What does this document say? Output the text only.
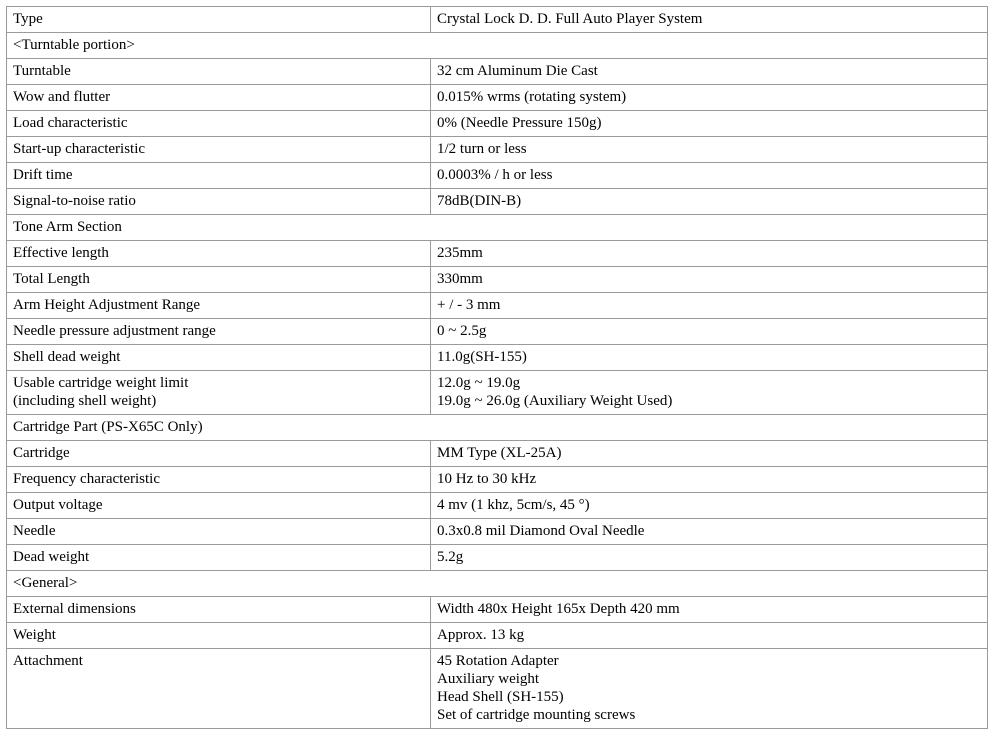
Type	Crystal Lock D. D. Full Auto Player System

<Turntable portion>	

Turntable	32 cm Aluminum Die Cast

Wow and flutter	0.015% wrms (rotating system)

Load characteristic	0% (Needle Pressure 150g)

Start-up characteristic	1/2 turn or less

Drift time	0.0003% / h or less

Signal-to-noise ratio	78dB(DIN-B)

Tone Arm Section	

Effective length	235mm

Total Length	330mm

Arm Height Adjustment Range	+ / - 3 mm

Needle pressure adjustment range	0 ~ 2.5g

Shell dead weight	11.0g(SH-155)

Usable cartridge weight limit
(including shell weight)	12.0g ~ 19.0g
19.0g ~ 26.0g (Auxiliary Weight Used)

Cartridge Part (PS-X65C Only)	

Cartridge	MM Type (XL-25A)

Frequency characteristic	10 Hz to 30 kHz

Output voltage	4 mv (1 khz, 5cm/s, 45 °)

Needle	0.3x0.8 mil Diamond Oval Needle

Dead weight	5.2g

<General>	

External dimensions	Width 480x Height 165x Depth 420 mm

Weight	Approx. 13 kg

Attachment	45 Rotation Adapter
Auxiliary weight
Head Shell (SH-155)
Set of cartridge mounting screws
